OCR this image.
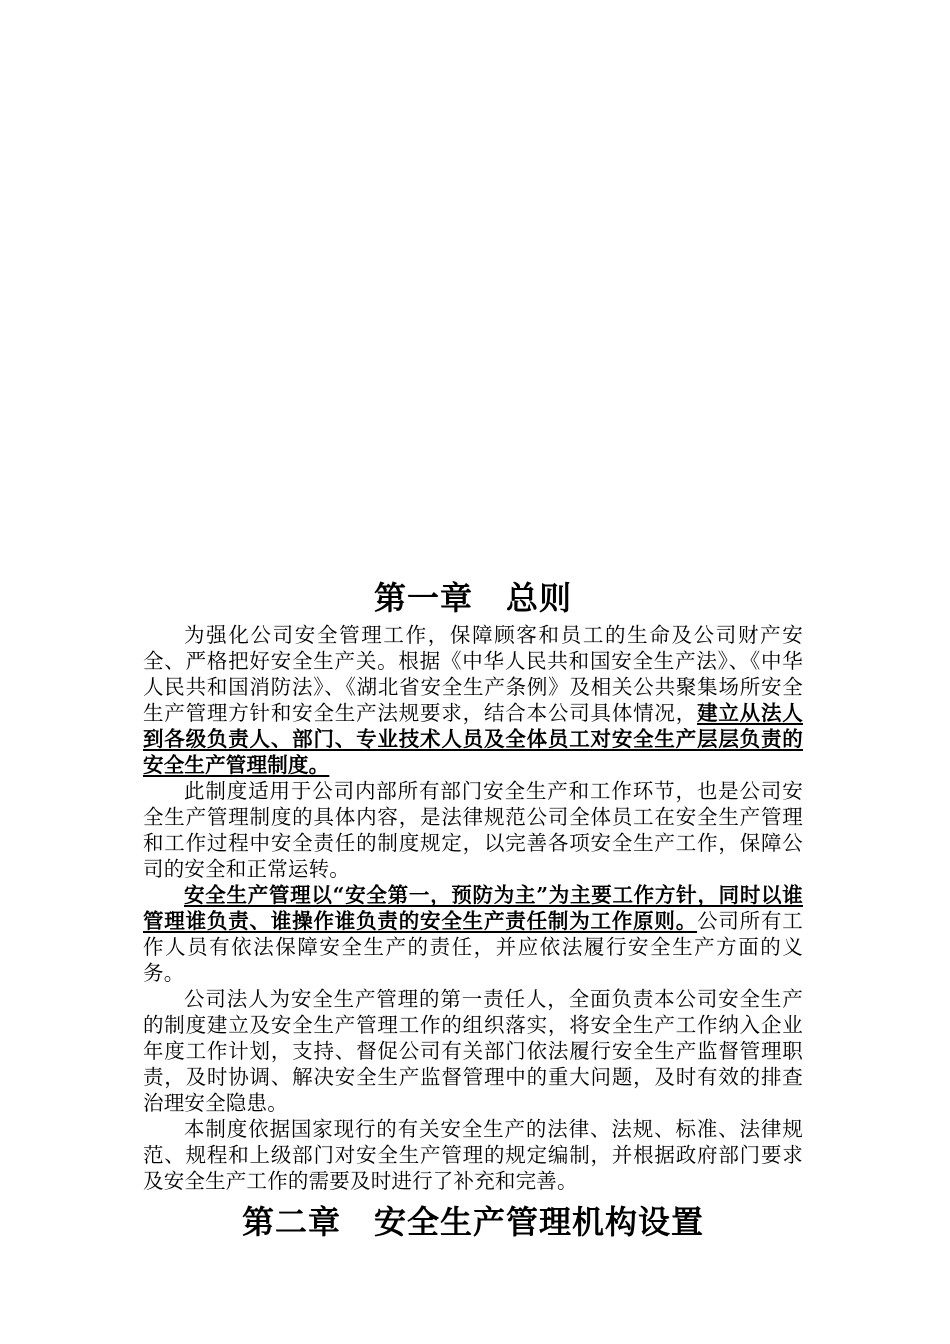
第一章　总则

为强化公司安全管理工作，保障顾客和员工的生命及公司财产安全、严格把好安全生产关。根据《中华人民共和国安全生产法》、《中华人民共和国消防法》、《湖北省安全生产条例》及相关公共聚集场所安全生产管理方针和安全生产法规要求，结合本公司具体情况，建立从法人到各级负责人、部门、专业技术人员及全体员工对安全生产层层负责的安全生产管理制度。

此制度适用于公司内部所有部门安全生产和工作环节，也是公司安全生产管理制度的具体内容，是法律规范公司全体员工在安全生产管理和工作过程中安全责任的制度规定，以完善各项安全生产工作，保障公司的安全和正常运转。

安全生产管理以“安全第一，预防为主”为主要工作方针，同时以谁管理谁负责、谁操作谁负责的安全生产责任制为工作原则。公司所有工作人员有依法保障安全生产的责任，并应依法履行安全生产方面的义务。

公司法人为安全生产管理的第一责任人，全面负责本公司安全生产的制度建立及安全生产管理工作的组织落实，将安全生产工作纳入企业年度工作计划，支持、督促公司有关部门依法履行安全生产监督管理职责，及时协调、解决安全生产监督管理中的重大问题，及时有效的排查治理安全隐患。

本制度依据国家现行的有关安全生产的法律、法规、标准、法律规范、规程和上级部门对安全生产管理的规定编制，并根据政府部门要求及安全生产工作的需要及时进行了补充和完善。

第二章　安全生产管理机构设置
